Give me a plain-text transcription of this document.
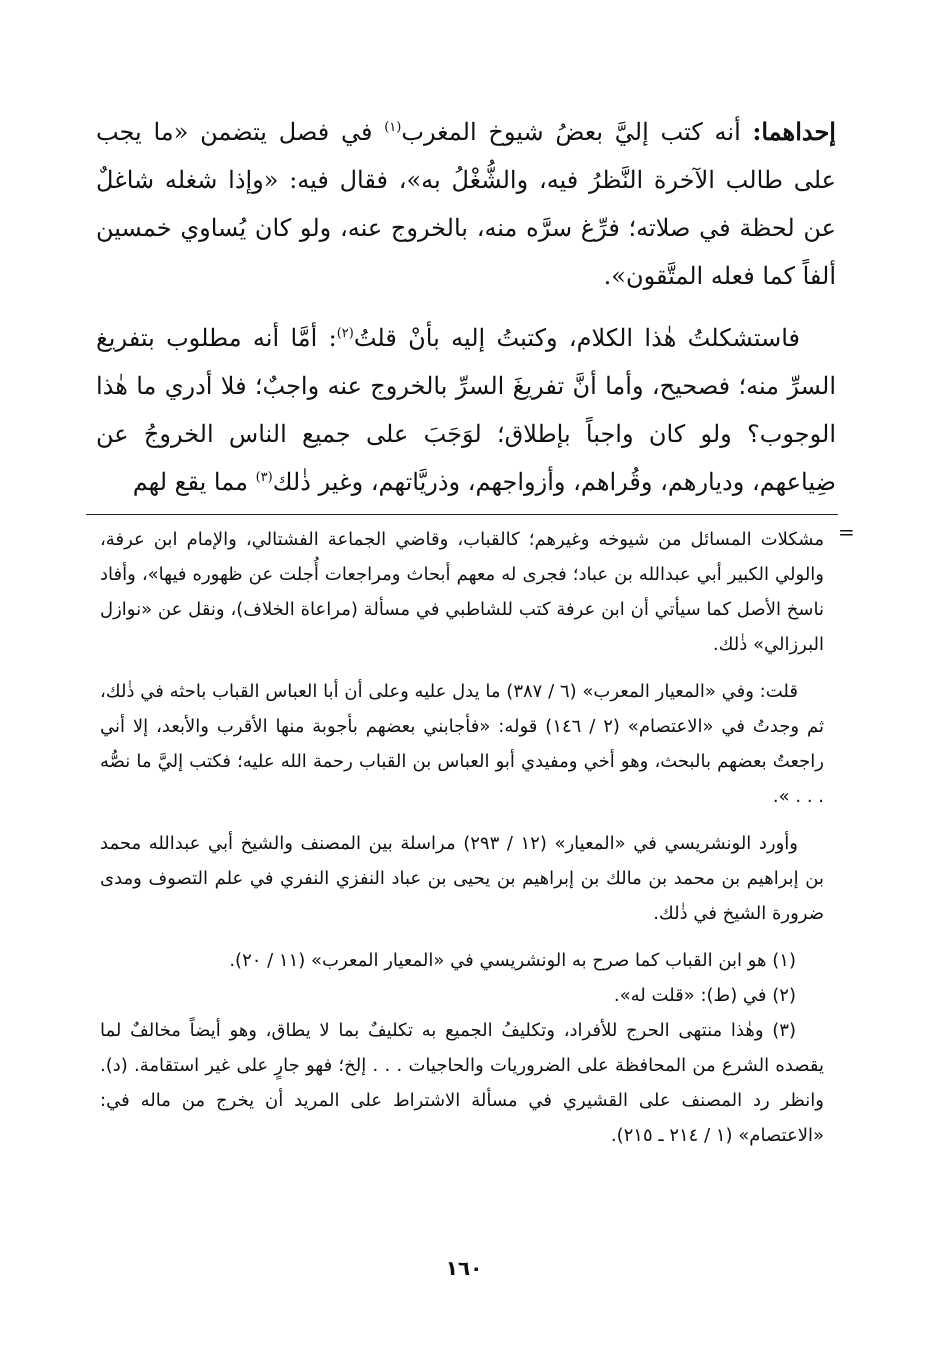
إحداهما: أنه كتب إليَّ بعضُ شيوخ المغرب$^{(١)}$ في فصل يتضمن «ما يجب على طالب الآخرة النَّظرُ فيه، والشُّغْلُ به»، فقال فيه: «وإذا شغله شاغلٌ عن لحظة في صلاته؛ فرِّغ سرَّه منه، بالخروج عنه، ولو كان يُساوي خمسين ألفاً كما فعله المتَّقون».

فاستشكلتُ هٰذا الكلام، وكتبتُ إليه بأنْ قلتُ$^{(٢)}$: أمَّا أنه مطلوب بتفريغ السرِّ منه؛ فصحيح، وأما أنَّ تفريغَ السرِّ بالخروج عنه واجبٌ؛ فلا أدري ما هٰذا الوجوب؟ ولو كان واجباً بإطلاق؛ لوَجَبَ على جميع الناس الخروجُ عن ضِياعهم، وديارهم، وقُراهم، وأزواجهم، وذريَّاتهم، وغير ذٰلك$^{(٣)}$ مما يقع لهم

=

مشكلات المسائل من شيوخه وغيرهم؛ كالقباب، وقاضي الجماعة الفشتالي، والإمام ابن عرفة، والولي الكبير أبي عبدالله بن عباد؛ فجرى له معهم أبحاث ومراجعات أُجلت عن ظهوره فيها»، وأفاد ناسخ الأصل كما سيأتي أن ابن عرفة كتب للشاطبي في مسألة (مراعاة الخلاف)، ونقل عن «نوازل البرزالي» ذٰلك.

قلت: وفي «المعيار المعرب» (٦ / ٣٨٧) ما يدل عليه وعلى أن أبا العباس القباب باحثه في ذٰلك، ثم وجدتُ في «الاعتصام» (٢ / ١٤٦) قوله: «فأجابني بعضهم بأجوبة منها الأقرب والأبعد، إلا أني راجعتُ بعضهم بالبحث، وهو أخي ومفيدي أبو العباس بن القباب رحمة الله عليه؛ فكتب إليَّ ما نصُّه . . . ».

وأورد الونشريسي في «المعيار» (١٢ / ٢٩٣) مراسلة بين المصنف والشيخ أبي عبدالله محمد بن إبراهيم بن محمد بن مالك بن إبراهيم بن يحيى بن عباد النفزي النفري في علم التصوف ومدى ضرورة الشيخ في ذٰلك.

(١) هو ابن القباب كما صرح به الونشريسي في «المعيار المعرب» (١١ / ٢٠).

(٢) في (ط): «قلت له».

(٣) وهٰذا منتهى الحرج للأفراد، وتكليفُ الجميع به تكليفٌ بما لا يطاق، وهو أيضاً مخالفٌ لما يقصده الشرع من المحافظة على الضروريات والحاجيات . . . إلخ؛ فهو جارٍ على غير استقامة. (د). وانظر رد المصنف على القشيري في مسألة الاشتراط على المريد أن يخرج من ماله في: «الاعتصام» (١ / ٢١٤ ـ ٢١٥).

١٦٠
